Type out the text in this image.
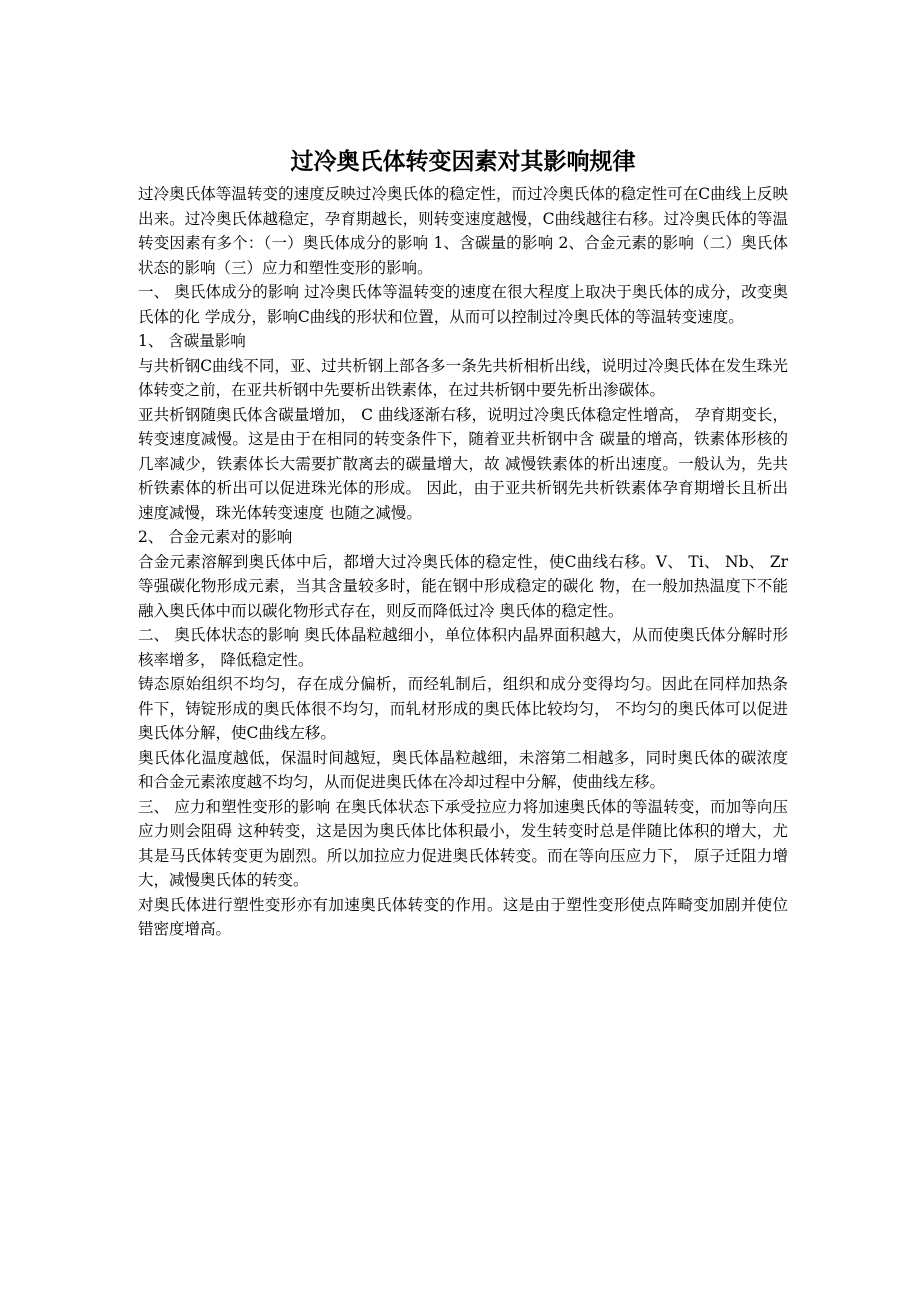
过冷奥氏体转变因素对其影响规律

过冷奥氏体等温转变的速度反映过冷奥氏体的稳定性，而过冷奥氏体的稳定性可在C曲线上反映出来。过冷奥氏体越稳定，孕育期越长，则转变速度越慢，C曲线越往右移。过冷奥氏体的等温转变因素有多个：（一）奥氏体成分的影响 1、含碳量的影响 2、合金元素的影响（二）奥氏体状态的影响（三）应力和塑性变形的影响。

一、 奥氏体成分的影响 过冷奥氏体等温转变的速度在很大程度上取决于奥氏体的成分，改变奥氏体的化 学成分，影响C曲线的形状和位置，从而可以控制过冷奥氏体的等温转变速度。

1、 含碳量影响

与共析钢C曲线不同，亚、过共析钢上部各多一条先共析相析出线，说明过冷奥氏体在发生珠光体转变之前，在亚共析钢中先要析出铁素体，在过共析钢中要先析出渗碳体。

亚共析钢随奥氏体含碳量增加， C 曲线逐渐右移，说明过冷奥氏体稳定性增高， 孕育期变长，转变速度减慢。这是由于在相同的转变条件下，随着亚共析钢中含 碳量的增高，铁素体形核的几率减少，铁素体长大需要扩散离去的碳量增大，故 减慢铁素体的析出速度。一般认为，先共析铁素体的析出可以促进珠光体的形成。 因此，由于亚共析钢先共析铁素体孕育期增长且析出速度减慢，珠光体转变速度 也随之减慢。

2、 合金元素对的影响

合金元素溶解到奥氏体中后，都增大过冷奥氏体的稳定性，使C曲线右移。V、 Ti、 Nb、 Zr 等强碳化物形成元素，当其含量较多时，能在钢中形成稳定的碳化 物，在一般加热温度下不能融入奥氏体中而以碳化物形式存在，则反而降低过冷 奥氏体的稳定性。

二、 奥氏体状态的影响 奥氏体晶粒越细小，单位体积内晶界面积越大，从而使奥氏体分解时形核率增多， 降低稳定性。

铸态原始组织不均匀，存在成分偏析，而经轧制后，组织和成分变得均匀。因此在同样加热条件下，铸锭形成的奥氏体很不均匀，而轧材形成的奥氏体比较均匀， 不均匀的奥氏体可以促进奥氏体分解，使C曲线左移。

奥氏体化温度越低，保温时间越短，奥氏体晶粒越细，未溶第二相越多，同时奥氏体的碳浓度和合金元素浓度越不均匀，从而促进奥氏体在冷却过程中分解，使曲线左移。

三、 应力和塑性变形的影响 在奥氏体状态下承受拉应力将加速奥氏体的等温转变，而加等向压应力则会阻碍 这种转变，这是因为奥氏体比体积最小，发生转变时总是伴随比体积的增大，尤 其是马氏体转变更为剧烈。所以加拉应力促进奥氏体转变。而在等向压应力下， 原子迁阻力增大，减慢奥氏体的转变。

对奥氏体进行塑性变形亦有加速奥氏体转变的作用。这是由于塑性变形使点阵畸变加剧并使位错密度增高。
